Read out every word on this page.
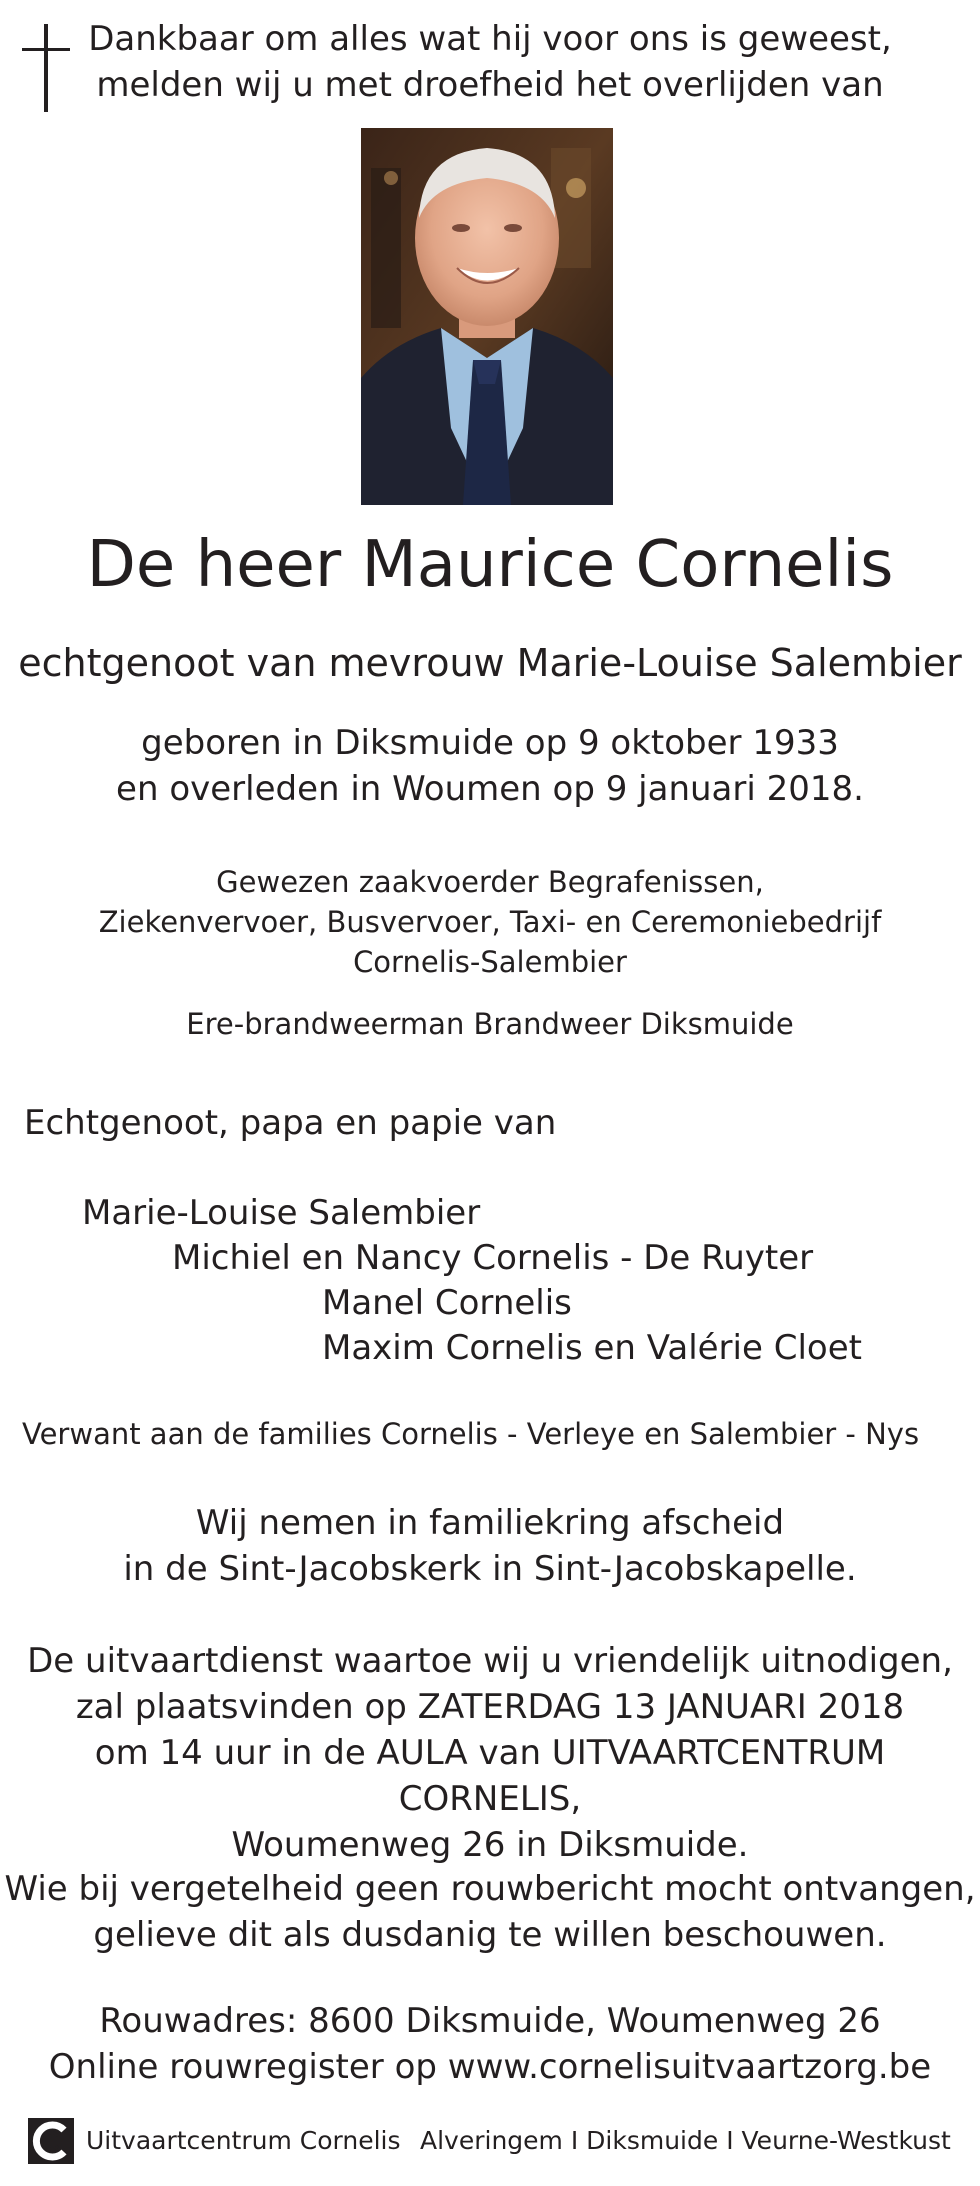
Dankbaar om alles wat hij voor ons is geweest,
melden wij u met droefheid het overlijden van
De heer Maurice Cornelis
echtgenoot van mevrouw Marie-Louise Salembier
geboren in Diksmuide op 9 oktober 1933
en overleden in Woumen op 9 januari 2018.
Gewezen zaakvoerder Begrafenissen,
Ziekenvervoer, Busvervoer, Taxi- en Ceremoniebedrijf
Cornelis-Salembier
Ere-brandweerman Brandweer Diksmuide
Echtgenoot, papa en papie van
Marie-Louise Salembier
Michiel en Nancy Cornelis - De Ruyter
Manel Cornelis
Maxim Cornelis en Valérie Cloet
Verwant aan de families Cornelis - Verleye en Salembier - Nys
Wij nemen in familiekring afscheid
in de Sint-Jacobskerk in Sint-Jacobskapelle.
De uitvaartdienst waartoe wij u vriendelijk uitnodigen,
zal plaatsvinden op ZATERDAG 13 JANUARI 2018
om 14 uur in de AULA van UITVAARTCENTRUM CORNELIS,
Woumenweg 26 in Diksmuide.
Wie bij vergetelheid geen rouwbericht mocht ontvangen,
gelieve dit als dusdanig te willen beschouwen.
Rouwadres: 8600 Diksmuide, Woumenweg 26
Online rouwregister op www.cornelisuitvaartzorg.be
Uitvaartcentrum Cornelis Alveringem I Diksmuide I Veurne-Westkust
